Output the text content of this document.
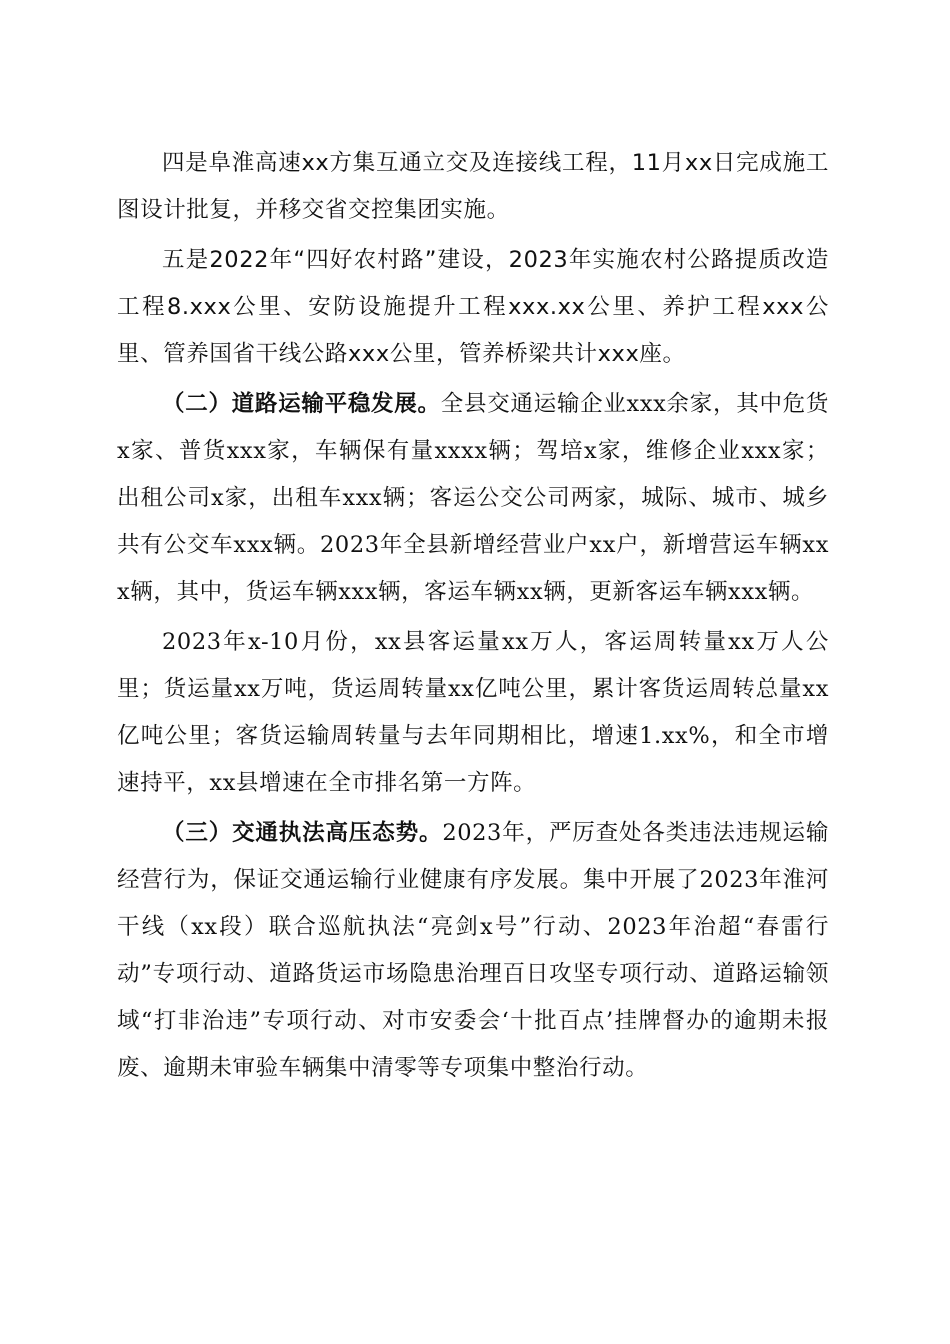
四是阜淮高速xx方集互通立交及连接线工程，11月xx日完成施工图设计批复，并移交省交控集团实施。

五是2022年“四好农村路”建设，2023年实施农村公路提质改造工程8.xxx公里、安防设施提升工程xxx.xx公里、养护工程xxx公里、管养国省干线公路xxx公里，管养桥梁共计xxx座。

（二）道路运输平稳发展。全县交通运输企业xxx余家，其中危货x家、普货xxx家，车辆保有量xxxx辆；驾培x家，维修企业xxx家；出租公司x家，出租车xxx辆；客运公交公司两家，城际、城市、城乡共有公交车xxx辆。2023年全县新增经营业户xx户，新增营运车辆xxx辆，其中，货运车辆xxx辆，客运车辆xx辆，更新客运车辆xxx辆。

2023年x-10月份，xx县客运量xx万人，客运周转量xx万人公里；货运量xx万吨，货运周转量xx亿吨公里，累计客货运周转总量xx亿吨公里；客货运输周转量与去年同期相比，增速1.xx%，和全市增速持平，xx县增速在全市排名第一方阵。

（三）交通执法高压态势。2023年，严厉查处各类违法违规运输经营行为，保证交通运输行业健康有序发展。集中开展了2023年淮河干线（xx段）联合巡航执法“亮剑x号”行动、2023年治超“春雷行动”专项行动、道路货运市场隐患治理百日攻坚专项行动、道路运输领域“打非治违”专项行动、对市安委会‘十批百点’挂牌督办的逾期未报废、逾期未审验车辆集中清零等专项集中整治行动。
